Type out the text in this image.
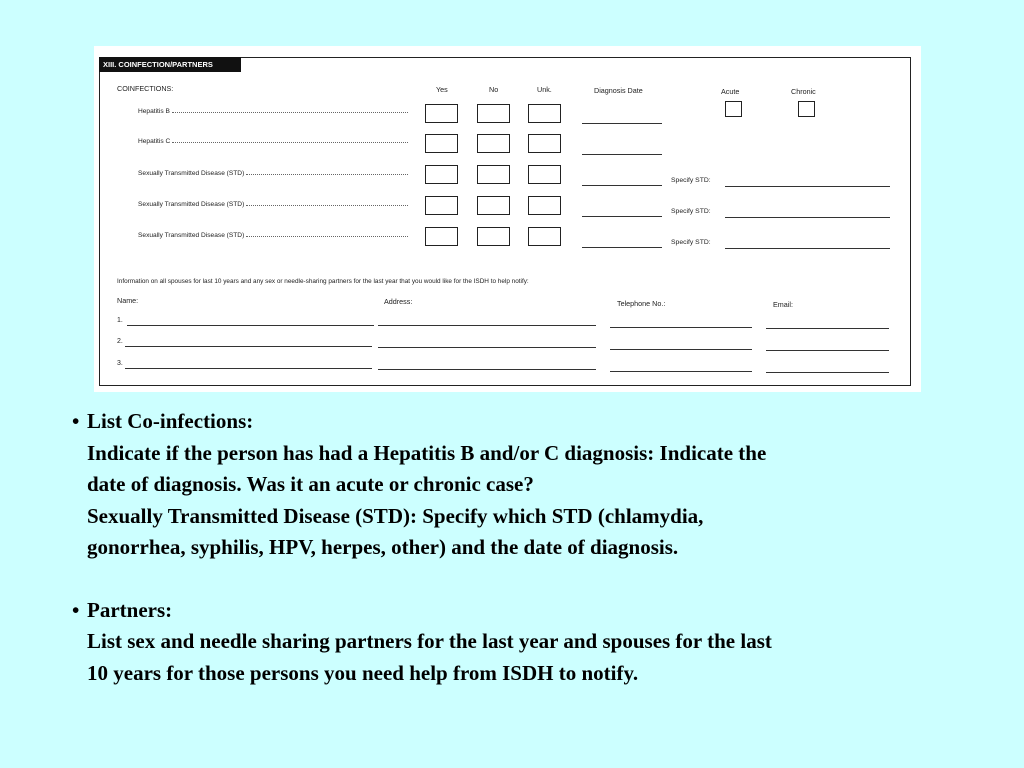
XIII. COINFECTION/PARTNERS
COINFECTIONS:	Yes	No	Unk.	Diagnosis Date	Acute	Chronic
Hepatitis B
Hepatitis C
Sexually Transmitted Disease (STD)
Specify STD:
Sexually Transmitted Disease (STD)
Specify STD:
Sexually Transmitted Disease (STD)
Specify STD:
Information on all spouses for last 10 years and any sex or needle-sharing partners for the last year that you would like for the ISDH to help notify:
Name:	Address:	Telephone No.:	Email:
1.
2.
3.
• List Co-infections:
Indicate if the person has had a Hepatitis B and/or C diagnosis: Indicate the
date of diagnosis. Was it an acute or chronic case?
Sexually Transmitted Disease (STD): Specify which STD (chlamydia,
gonorrhea, syphilis, HPV, herpes, other) and the date of diagnosis.
• Partners:
List sex and needle sharing partners for the last year and spouses for the last
10 years for those persons you need help from ISDH to notify.
